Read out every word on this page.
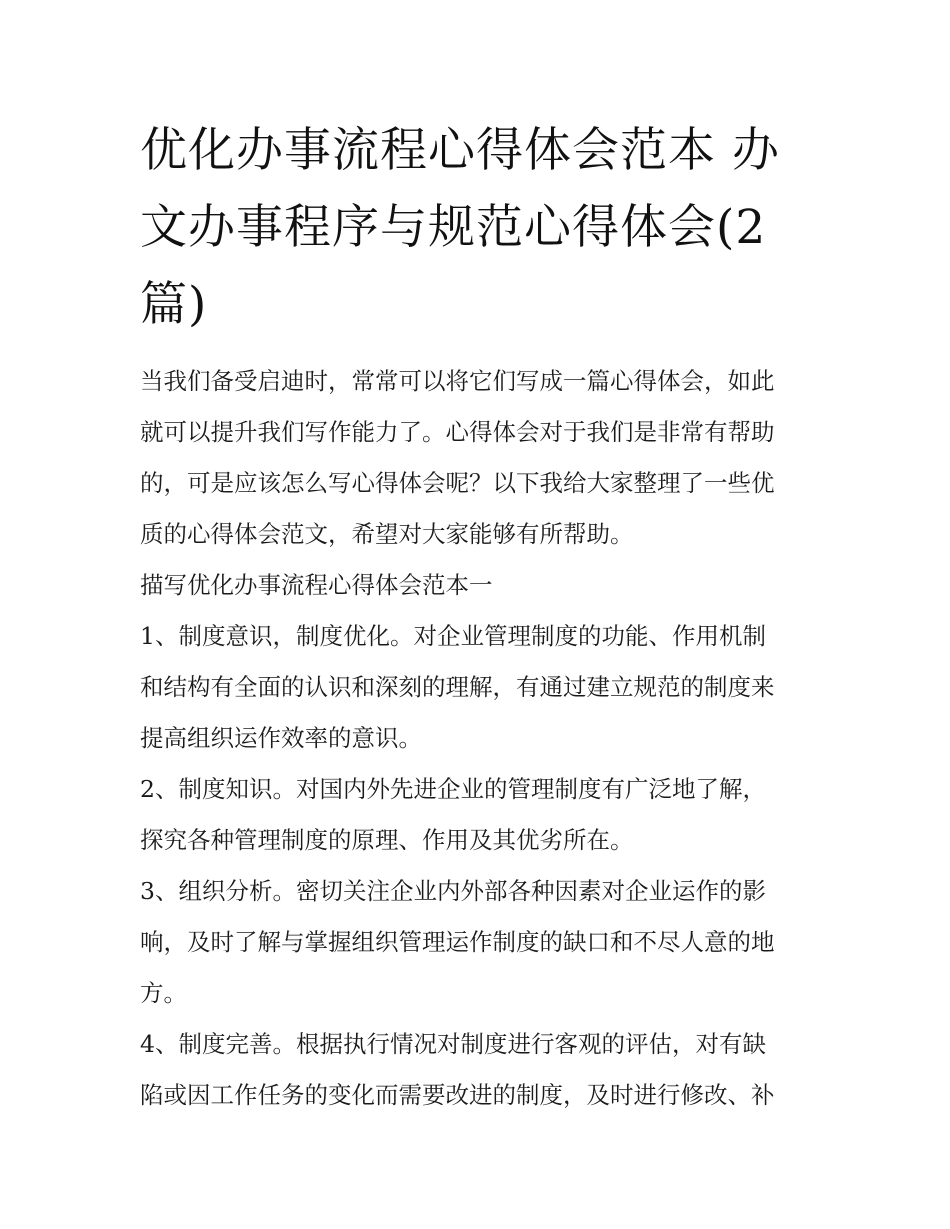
优化办事流程心得体会范本 办
文办事程序与规范心得体会(2
篇)

当我们备受启迪时，常常可以将它们写成一篇心得体会，如此
就可以提升我们写作能力了。心得体会对于我们是非常有帮助
的，可是应该怎么写心得体会呢？以下我给大家整理了一些优
质的心得体会范文，希望对大家能够有所帮助。

描写优化办事流程心得体会范本一

1、制度意识，制度优化。对企业管理制度的功能、作用机制
和结构有全面的认识和深刻的理解，有通过建立规范的制度来
提高组织运作效率的意识。

2、制度知识。对国内外先进企业的管理制度有广泛地了解，
探究各种管理制度的原理、作用及其优劣所在。

3、组织分析。密切关注企业内外部各种因素对企业运作的影
响，及时了解与掌握组织管理运作制度的缺口和不尽人意的地
方。

4、制度完善。根据执行情况对制度进行客观的评估，对有缺
陷或因工作任务的变化而需要改进的制度，及时进行修改、补
